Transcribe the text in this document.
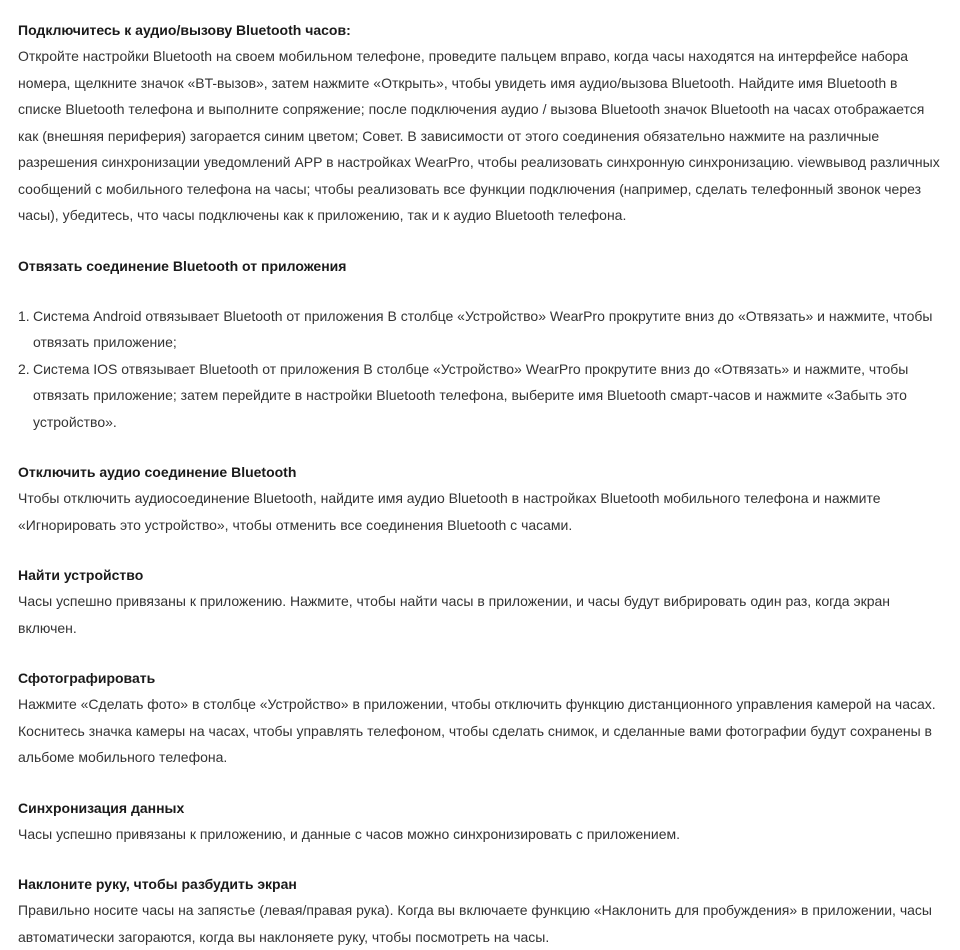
Подключитесь к аудио/вызову Bluetooth часов:

Откройте настройки Bluetooth на своем мобильном телефоне, проведите пальцем вправо, когда часы находятся на интерфейсе набора номера, щелкните значок «BT-вызов», затем нажмите «Открыть», чтобы увидеть имя аудио/вызова Bluetooth. Найдите имя Bluetooth в списке Bluetooth телефона и выполните сопряжение; после подключения аудио / вызова Bluetooth значок Bluetooth на часах отображается как (внешняя периферия) загорается синим цветом; Совет. В зависимости от этого соединения обязательно нажмите на различные разрешения синхронизации уведомлений APP в настройках WearPro, чтобы реализовать синхронную синхронизацию. viewвывод различных сообщений с мобильного телефона на часы; чтобы реализовать все функции подключения (например, сделать телефонный звонок через часы), убедитесь, что часы подключены как к приложению, так и к аудио Bluetooth телефона.

Отвязать соединение Bluetooth от приложения
1. Система Android отвязывает Bluetooth от приложения В столбце «Устройство» WearPro прокрутите вниз до «Отвязать» и нажмите, чтобы отвязать приложение;
2. Система IOS отвязывает Bluetooth от приложения В столбце «Устройство» WearPro прокрутите вниз до «Отвязать» и нажмите, чтобы отвязать приложение; затем перейдите в настройки Bluetooth телефона, выберите имя Bluetooth смарт-часов и нажмите «Забыть это устройство».
Отключить аудио соединение Bluetooth

Чтобы отключить аудиосоединение Bluetooth, найдите имя аудио Bluetooth в настройках Bluetooth мобильного телефона и нажмите «Игнорировать это устройство», чтобы отменить все соединения Bluetooth с часами.

Найти устройство

Часы успешно привязаны к приложению. Нажмите, чтобы найти часы в приложении, и часы будут вибрировать один раз, когда экран включен.

Сфотографировать

Нажмите «Сделать фото» в столбце «Устройство» в приложении, чтобы отключить функцию дистанционного управления камерой на часах. Коснитесь значка камеры на часах, чтобы управлять телефоном, чтобы сделать снимок, и сделанные вами фотографии будут сохранены в альбоме мобильного телефона.

Синхронизация данных

Часы успешно привязаны к приложению, и данные с часов можно синхронизировать с приложением.

Наклоните руку, чтобы разбудить экран

Правильно носите часы на запястье (левая/правая рука). Когда вы включаете функцию «Наклонить для пробуждения» в приложении, часы автоматически загораются, когда вы наклоняете руку, чтобы посмотреть на часы.
